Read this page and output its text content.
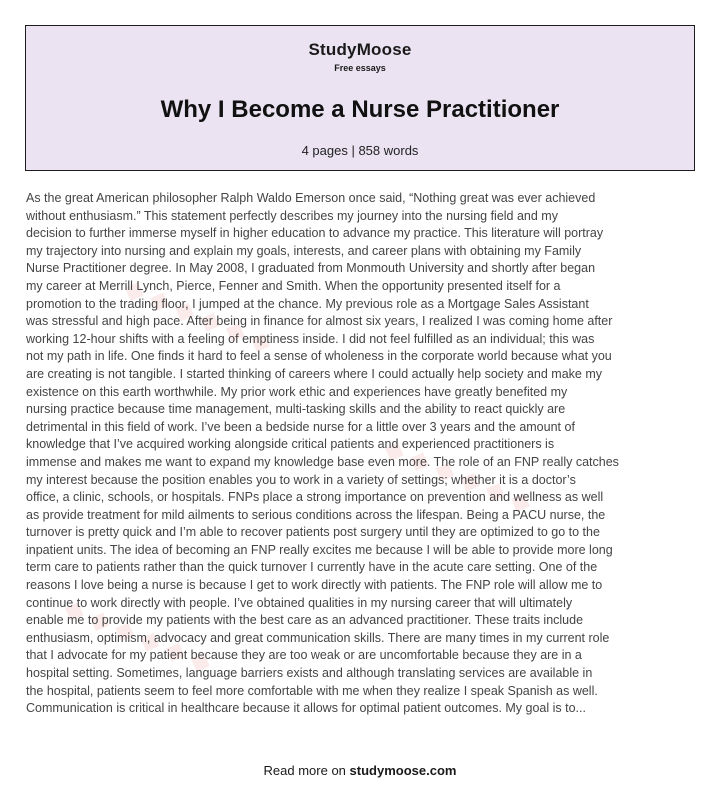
◆ ◆ ◆ ◆ ◆ ◆
◆ ◆ ◆ ◆ ◆ ◆
◆ ◆ ◆ ◆ ◆ ◆
StudyMoose
Free essays
Why I Become a Nurse Practitioner
4 pages | 858 words
As the great American philosopher Ralph Waldo Emerson once said, “Nothing great was ever achieved
without enthusiasm.” This statement perfectly describes my journey into the nursing field and my
decision to further immerse myself in higher education to advance my practice. This literature will portray
my trajectory into nursing and explain my goals, interests, and career plans with obtaining my Family
Nurse Practitioner degree. In May 2008, I graduated from Monmouth University and shortly after began
my career at Merrill Lynch, Pierce, Fenner and Smith. When the opportunity presented itself for a
promotion to the trading floor, I jumped at the chance. My previous role as a Mortgage Sales Assistant
was stressful and high pace. After being in finance for almost six years, I realized I was coming home after
working 12-hour shifts with a feeling of emptiness inside. I did not feel fulfilled as an individual; this was
not my path in life. One finds it hard to feel a sense of wholeness in the corporate world because what you
are creating is not tangible. I started thinking of careers where I could actually help society and make my
existence on this earth worthwhile. My prior work ethic and experiences have greatly benefited my
nursing practice because time management, multi-tasking skills and the ability to react quickly are
detrimental in this field of work. I’ve been a bedside nurse for a little over 3 years and the amount of
knowledge that I’ve acquired working alongside critical patients and experienced practitioners is
immense and makes me want to expand my knowledge base even more. The role of an FNP really catches
my interest because the position enables you to work in a variety of settings; whether it is a doctor’s
office, a clinic, schools, or hospitals. FNPs place a strong importance on prevention and wellness as well
as provide treatment for mild ailments to serious conditions across the lifespan. Being a PACU nurse, the
turnover is pretty quick and I’m able to recover patients post surgery until they are optimized to go to the
inpatient units. The idea of becoming an FNP really excites me because I will be able to provide more long
term care to patients rather than the quick turnover I currently have in the acute care setting. One of the
reasons I love being a nurse is because I get to work directly with patients. The FNP role will allow me to
continue to work directly with people. I’ve obtained qualities in my nursing career that will ultimately
enable me to provide my patients with the best care as an advanced practitioner. These traits include
enthusiasm, optimism, advocacy and great communication skills. There are many times in my current role
that I advocate for my patient because they are too weak or are uncomfortable because they are in a
hospital setting. Sometimes, language barriers exists and although translating services are available in
the hospital, patients seem to feel more comfortable with me when they realize I speak Spanish as well.
Communication is critical in healthcare because it allows for optimal patient outcomes. My goal is to...
Read more on studymoose.com
